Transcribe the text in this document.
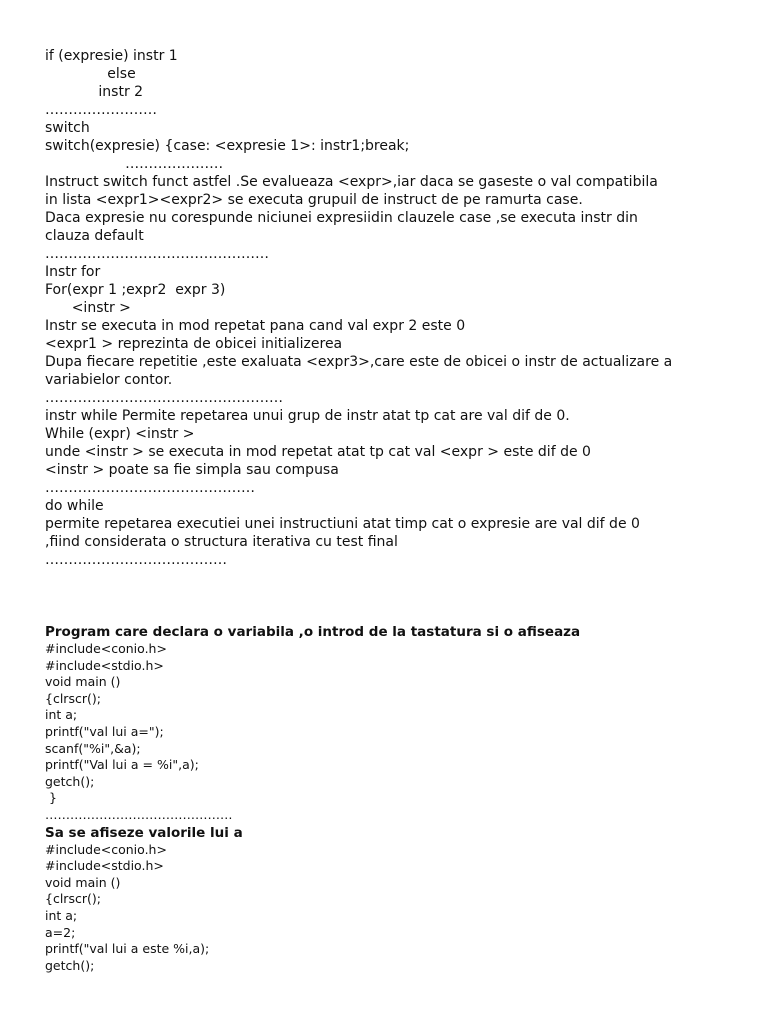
if (expresie) instr 1
else
instr 2
……………………
switch
switch(expresie) {case: <expresie 1>: instr1;break;
…………………
Instruct switch funct astfel .Se evalueaza <expr>,iar daca se gaseste o val compatibila
in lista <expr1><expr2> se executa grupuil de instruct de pe ramurta case.
Daca expresie nu corespunde niciunei expresiidin clauzele case ,se executa instr din
clauza default
…………………………………………
Instr for
For(expr 1 ;expr2  expr 3)
<instr >
Instr se executa in mod repetat pana cand val expr 2 este 0
<expr1 > reprezinta de obicei initializerea
Dupa fiecare repetitie ,este exaluata <expr3>,care este de obicei o instr de actualizare a
variabielor contor.
……………………………………………
instr while Permite repetarea unui grup de instr atat tp cat are val dif de 0.
While (expr) <instr >
unde <instr > se executa in mod repetat atat tp cat val <expr > este dif de 0
<instr > poate sa fie simpla sau compusa
………………………………………
do while
permite repetarea executiei unei instructiuni atat timp cat o expresie are val dif de 0
,fiind considerata o structura iterativa cu test final
…………………………………
Program care declara o variabila ,o introd de la tastatura si o afiseaza
#include<conio.h>
#include<stdio.h>
void main ()
{clrscr();
int a;
printf("val lui a=");
scanf("%i",&a);
printf("Val lui a = %i",a);
getch();
}
………………………………………
Sa se afiseze valorile lui a
#include<conio.h>
#include<stdio.h>
void main ()
{clrscr();
int a;
a=2;
printf("val lui a este %i,a);
getch();
